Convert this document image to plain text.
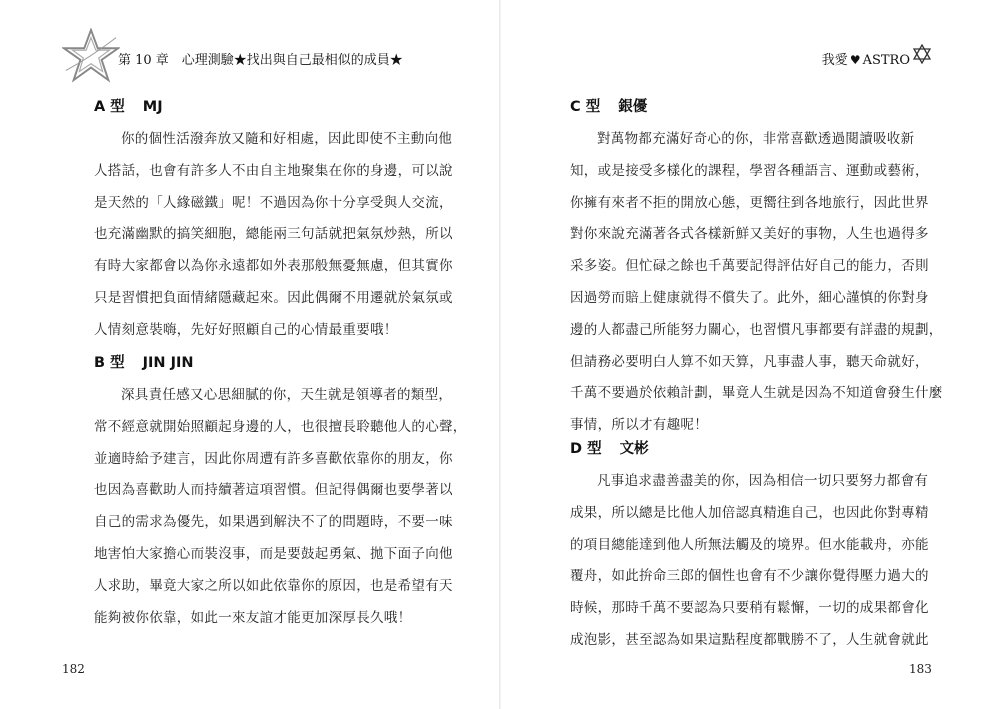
第 10 章　心理測驗★找出與自己最相似的成員★
A 型 MJ
你的個性活潑奔放又隨和好相處，因此即使不主動向他
人搭話，也會有許多人不由自主地聚集在你的身邊，可以說
是天然的「人緣磁鐵」呢！不過因為你十分享受與人交流，
也充滿幽默的搞笑細胞，總能兩三句話就把氣氛炒熱，所以
有時大家都會以為你永遠都如外表那般無憂無慮，但其實你
只是習慣把負面情緒隱藏起來。因此偶爾不用遷就於氣氛或
人情刻意裝嗨，先好好照顧自己的心情最重要哦！
B 型 JIN JIN
深具責任感又心思細膩的你，天生就是領導者的類型，
常不經意就開始照顧起身邊的人，也很擅長聆聽他人的心聲，
並適時給予建言，因此你周遭有許多喜歡依靠你的朋友，你
也因為喜歡助人而持續著這項習慣。但記得偶爾也要學著以
自己的需求為優先，如果遇到解決不了的問題時，不要一味
地害怕大家擔心而裝沒事，而是要鼓起勇氣、拋下面子向他
人求助，畢竟大家之所以如此依靠你的原因，也是希望有天
能夠被你依靠，如此一來友誼才能更加深厚長久哦！
182	183
我愛 ♥ ASTRO
C 型 銀優
對萬物都充滿好奇心的你，非常喜歡透過閱讀吸收新
知，或是接受多樣化的課程，學習各種語言、運動或藝術，
你擁有來者不拒的開放心態，更嚮往到各地旅行，因此世界
對你來說充滿著各式各樣新鮮又美好的事物，人生也過得多
采多姿。但忙碌之餘也千萬要記得評估好自己的能力，否則
因過勞而賠上健康就得不償失了。此外，細心謹慎的你對身
邊的人都盡己所能努力關心，也習慣凡事都要有詳盡的規劃，
但請務必要明白人算不如天算，凡事盡人事，聽天命就好，
千萬不要過於依賴計劃，畢竟人生就是因為不知道會發生什麼
事情，所以才有趣呢！
D 型 文彬
凡事追求盡善盡美的你，因為相信一切只要努力都會有
成果，所以總是比他人加倍認真精進自己，也因此你對專精
的項目總能達到他人所無法觸及的境界。但水能載舟，亦能
覆舟，如此拚命三郎的個性也會有不少讓你覺得壓力過大的
時候，那時千萬不要認為只要稍有鬆懈，一切的成果都會化
成泡影，甚至認為如果這點程度都戰勝不了，人生就會就此
